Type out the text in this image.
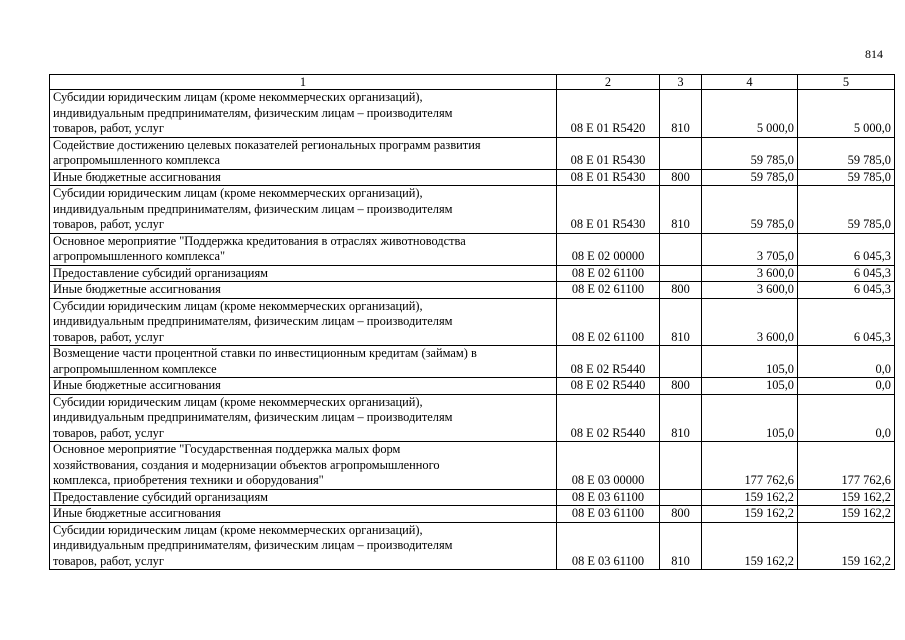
814
1	2	3	4	5
Субсидии юридическим лицам (кроме некоммерческих организаций),
индивидуальным предпринимателям, физическим лицам – производителям
товаров, работ, услуг	08 Е 01 R5420	810	5 000,0	5 000,0
Содействие достижению целевых показателей региональных программ развития
агропромышленного комплекса	08 Е 01 R5430		59 785,0	59 785,0
Иные бюджетные ассигнования	08 Е 01 R5430	800	59 785,0	59 785,0
Субсидии юридическим лицам (кроме некоммерческих организаций),
индивидуальным предпринимателям, физическим лицам – производителям
товаров, работ, услуг	08 Е 01 R5430	810	59 785,0	59 785,0
Основное мероприятие "Поддержка кредитования в отраслях животноводства
агропромышленного комплекса"	08 Е 02 00000		3 705,0	6 045,3
Предоставление субсидий организациям	08 Е 02 61100		3 600,0	6 045,3
Иные бюджетные ассигнования	08 Е 02 61100	800	3 600,0	6 045,3
Субсидии юридическим лицам (кроме некоммерческих организаций),
индивидуальным предпринимателям, физическим лицам – производителям
товаров, работ, услуг	08 Е 02 61100	810	3 600,0	6 045,3
Возмещение части процентной ставки по инвестиционным кредитам (займам) в
агропромышленном комплексе	08 Е 02 R5440		105,0	0,0
Иные бюджетные ассигнования	08 Е 02 R5440	800	105,0	0,0
Субсидии юридическим лицам (кроме некоммерческих организаций),
индивидуальным предпринимателям, физическим лицам – производителям
товаров, работ, услуг	08 Е 02 R5440	810	105,0	0,0
Основное мероприятие "Государственная поддержка малых форм
хозяйствования, создания и модернизации объектов агропромышленного
комплекса, приобретения техники и оборудования"	08 Е 03 00000		177 762,6	177 762,6
Предоставление субсидий организациям	08 Е 03 61100		159 162,2	159 162,2
Иные бюджетные ассигнования	08 Е 03 61100	800	159 162,2	159 162,2
Субсидии юридическим лицам (кроме некоммерческих организаций),
индивидуальным предпринимателям, физическим лицам – производителям
товаров, работ, услуг	08 Е 03 61100	810	159 162,2	159 162,2
